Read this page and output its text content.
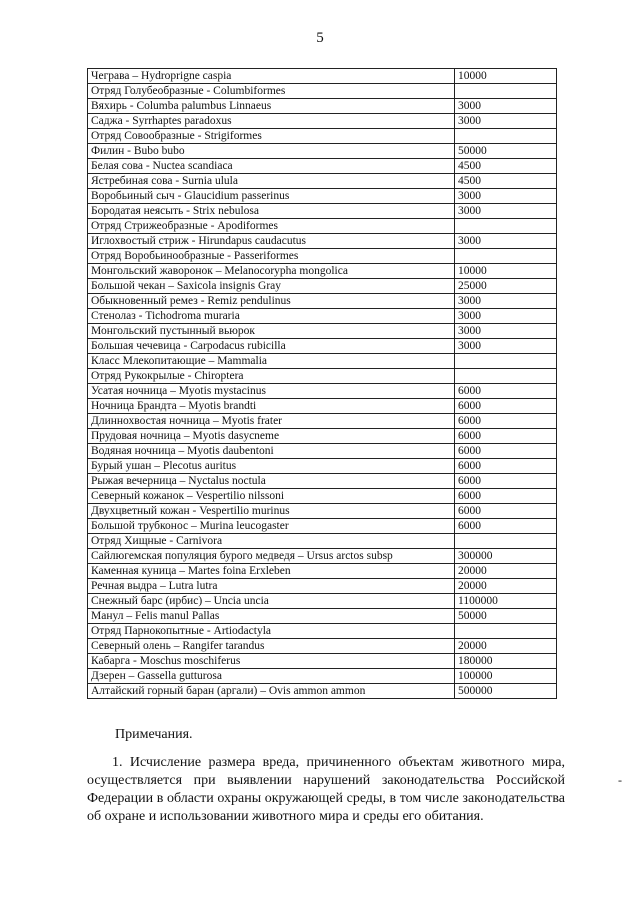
5
Чеграва – Hydroprigne caspia	10000
Отряд Голубеобразные - Columbiformes	
Вяхирь - Columba palumbus Linnaeus	3000
Саджа - Syrrhaptes paradoxus	3000
Отряд Совообразные - Strigiformes	
Филин - Bubo bubo	50000
Белая сова - Nuctea scandiaca	4500
Ястребиная сова - Surnia ulula	4500
Воробьиный сыч - Glaucidium passerinus	3000
Бородатая неясыть - Strix nebulosa	3000
Отряд Стрижеобразные - Apodiformes	
Иглохвостый стриж - Hirundapus caudacutus	3000
Отряд Воробьинообразные - Passeriformes	
Монгольский жаворонок – Melanocorypha mongolica	10000
Большой чекан – Saxicola insignis Gray	25000
Обыкновенный ремез - Remiz pendulinus	3000
Стенолаз - Tichodroma muraria	3000
Монгольский пустынный вьюрок	3000
Большая чечевица - Carpodacus rubicilla	3000
Класс Млекопитающие – Mammalia	
Отряд Рукокрылые - Chiroptera	
Усатая ночница – Myotis mystacinus	6000
Ночница Брандта – Myotis brandti	6000
Длиннохвостая ночница – Myotis frater	6000
Прудовая ночница – Myotis dasycneme	6000
Водяная ночница – Myotis daubentoni	6000
Бурый ушан – Plecotus auritus	6000
Рыжая вечерница – Nyctalus noctula	6000
Северный кожанок – Vespertilio nilssoni	6000
Двухцветный кожан - Vespertilio murinus	6000
Большой трубконос – Murina leucogaster	6000
Отряд Хищные - Carnivora	
Сайлюгемская популяция бурого медведя – Ursus arctos subsp	300000
Каменная куница – Martes foina Erxleben	20000
Речная выдра – Lutra lutra	20000
Снежный барс (ирбис) – Uncia uncia	1100000
Манул – Felis manul Pallas	50000
Отряд Парнокопытные - Artiodactyla	
Северный олень – Rangifer tarandus	20000
Кабарга - Moschus moschiferus	180000
Дзерен – Gassella gutturosa	100000
Алтайский горный баран (аргали) – Ovis ammon ammon	500000
Примечания.

1. Исчисление размера вреда, причиненного объектам животного мира, осуществляется при выявлении нарушений законодательства Российской Федерации в области охраны окружающей среды, в том числе законодательства об охране и использовании животного мира и среды его обитания.

-
